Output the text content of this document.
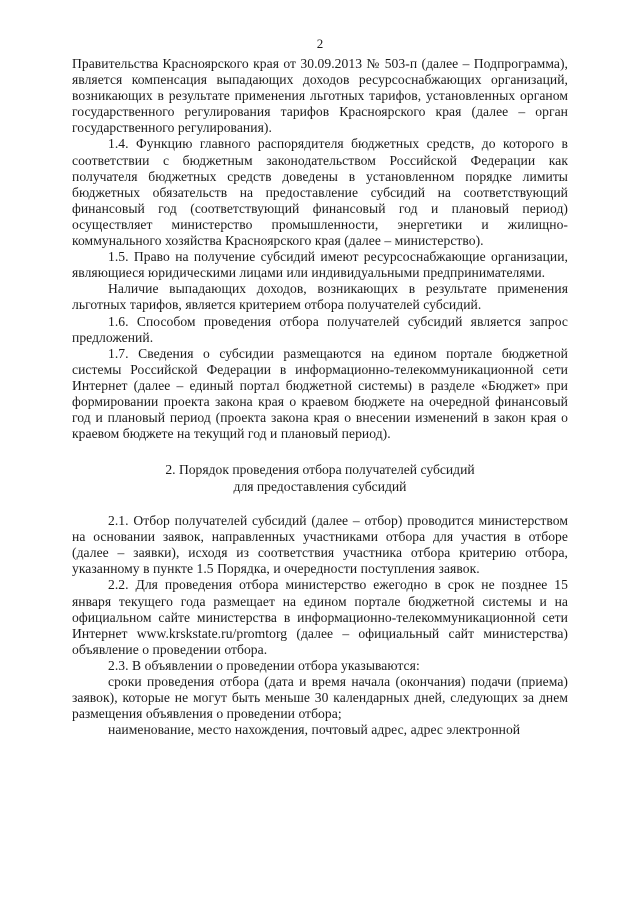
2

Правительства Красноярского края от 30.09.2013 № 503-п (далее – Подпрограмма), является компенсация выпадающих доходов ресурсоснабжающих организаций, возникающих в результате применения льготных тарифов, установленных органом государственного регулирования тарифов Красноярского края (далее – орган государственного регулирования).

1.4. Функцию главного распорядителя бюджетных средств, до которого в соответствии с бюджетным законодательством Российской Федерации как получателя бюджетных средств доведены в установленном порядке лимиты бюджетных обязательств на предоставление субсидий на соответствующий финансовый год (соответствующий финансовый год и плановый период) осуществляет министерство промышленности, энергетики и жилищно-коммунального хозяйства Красноярского края (далее – министерство).

1.5. Право на получение субсидий имеют ресурсоснабжающие организации, являющиеся юридическими лицами или индивидуальными предпринимателями.

Наличие выпадающих доходов, возникающих в результате применения льготных тарифов, является критерием отбора получателей субсидий.

1.6. Способом проведения отбора получателей субсидий является запрос предложений.

1.7. Сведения о субсидии размещаются на едином портале бюджетной системы Российской Федерации в информационно-телекоммуникационной сети Интернет (далее – единый портал бюджетной системы) в разделе «Бюджет» при формировании проекта закона края о краевом бюджете на очередной финансовый год и плановый период (проекта закона края о внесении изменений в закон края о краевом бюджете на текущий год и плановый период).

2. Порядок проведения отбора получателей субсидий
для предоставления субсидий

2.1. Отбор получателей субсидий (далее – отбор) проводится министерством на основании заявок, направленных участниками отбора для участия в отборе (далее – заявки), исходя из соответствия участника отбора критерию отбора, указанному в пункте 1.5 Порядка, и очередности поступления заявок.

2.2. Для проведения отбора министерство ежегодно в срок не позднее 15 января текущего года размещает на едином портале бюджетной системы и на официальном сайте министерства в информационно-телекоммуникационной сети Интернет www.krskstate.ru/promtorg (далее – официальный сайт министерства) объявление о проведении отбора.

2.3. В объявлении о проведении отбора указываются:

сроки проведения отбора (дата и время начала (окончания) подачи (приема) заявок), которые не могут быть меньше 30 календарных дней, следующих за днем размещения объявления о проведении отбора;

наименование, место нахождения, почтовый адрес, адрес электронной
